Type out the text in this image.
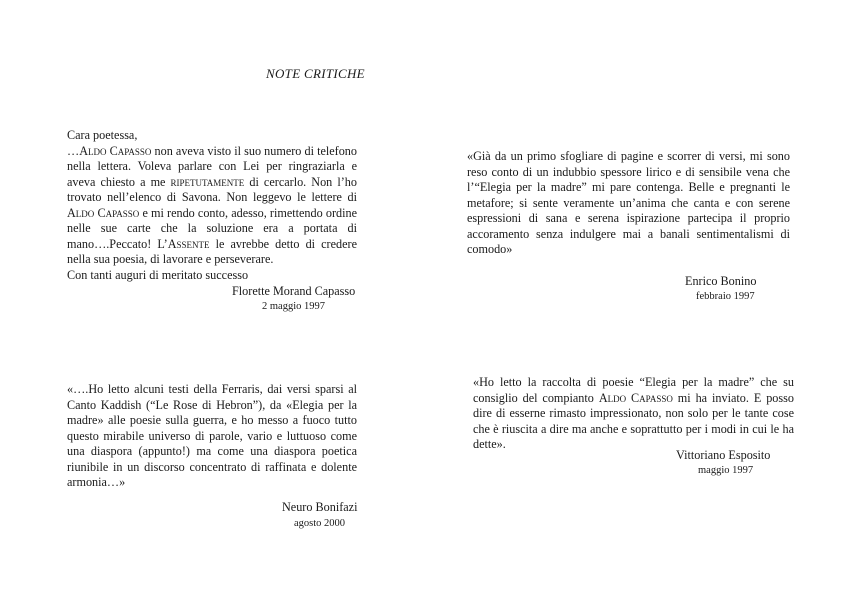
NOTE CRITICHE

Cara poetessa,

…Aldo Capasso non aveva visto il suo numero di telefono nella lettera. Voleva parlare con Lei per ringraziarla e aveva chiesto a me ripetutamente di cercarlo. Non l’ho trovato nell’elenco di Savona. Non leggevo le lettere di Aldo Capasso e mi rendo conto, adesso, rimettendo ordine nelle sue carte che la soluzione era a portata di mano….Peccato! L’Assente le avrebbe detto di credere nella sua poesia, di lavorare e perseverare.

Con tanti auguri di meritato successo

Florette Morand Capasso
2 maggio 1997

«….Ho letto alcuni testi della Ferraris, dai versi sparsi al Canto Kaddish (“Le Rose di Hebron”), da «Elegia per la madre» alle poesie sulla guerra, e ho messo a fuoco tutto questo mirabile universo di parole, vario e luttuoso come una diaspora (appunto!) ma come una diaspora poetica riunibile in un discorso concentrato di raffinata e dolente armonia…»

Neuro Bonifazi
agosto 2000

«Già da un primo sfogliare di pagine e scorrer di versi, mi sono reso conto di un indubbio spessore lirico e di sensibile vena che l’“Elegia per la madre” mi pare contenga. Belle e pregnanti le metafore; si sente veramente un’anima che canta e con serene espressioni di sana e serena ispirazione partecipa il proprio accoramento senza indulgere mai a banali sentimentalismi di comodo»

Enrico Bonino
febbraio 1997

«Ho letto la raccolta di poesie “Elegia per la madre” che su consiglio del compianto Aldo Capasso mi ha inviato. E posso dire di esserne rimasto impressionato, non solo per le tante cose che è riuscita a dire ma anche e soprattutto per i modi in cui le ha dette».

Vittoriano Esposito
maggio 1997
